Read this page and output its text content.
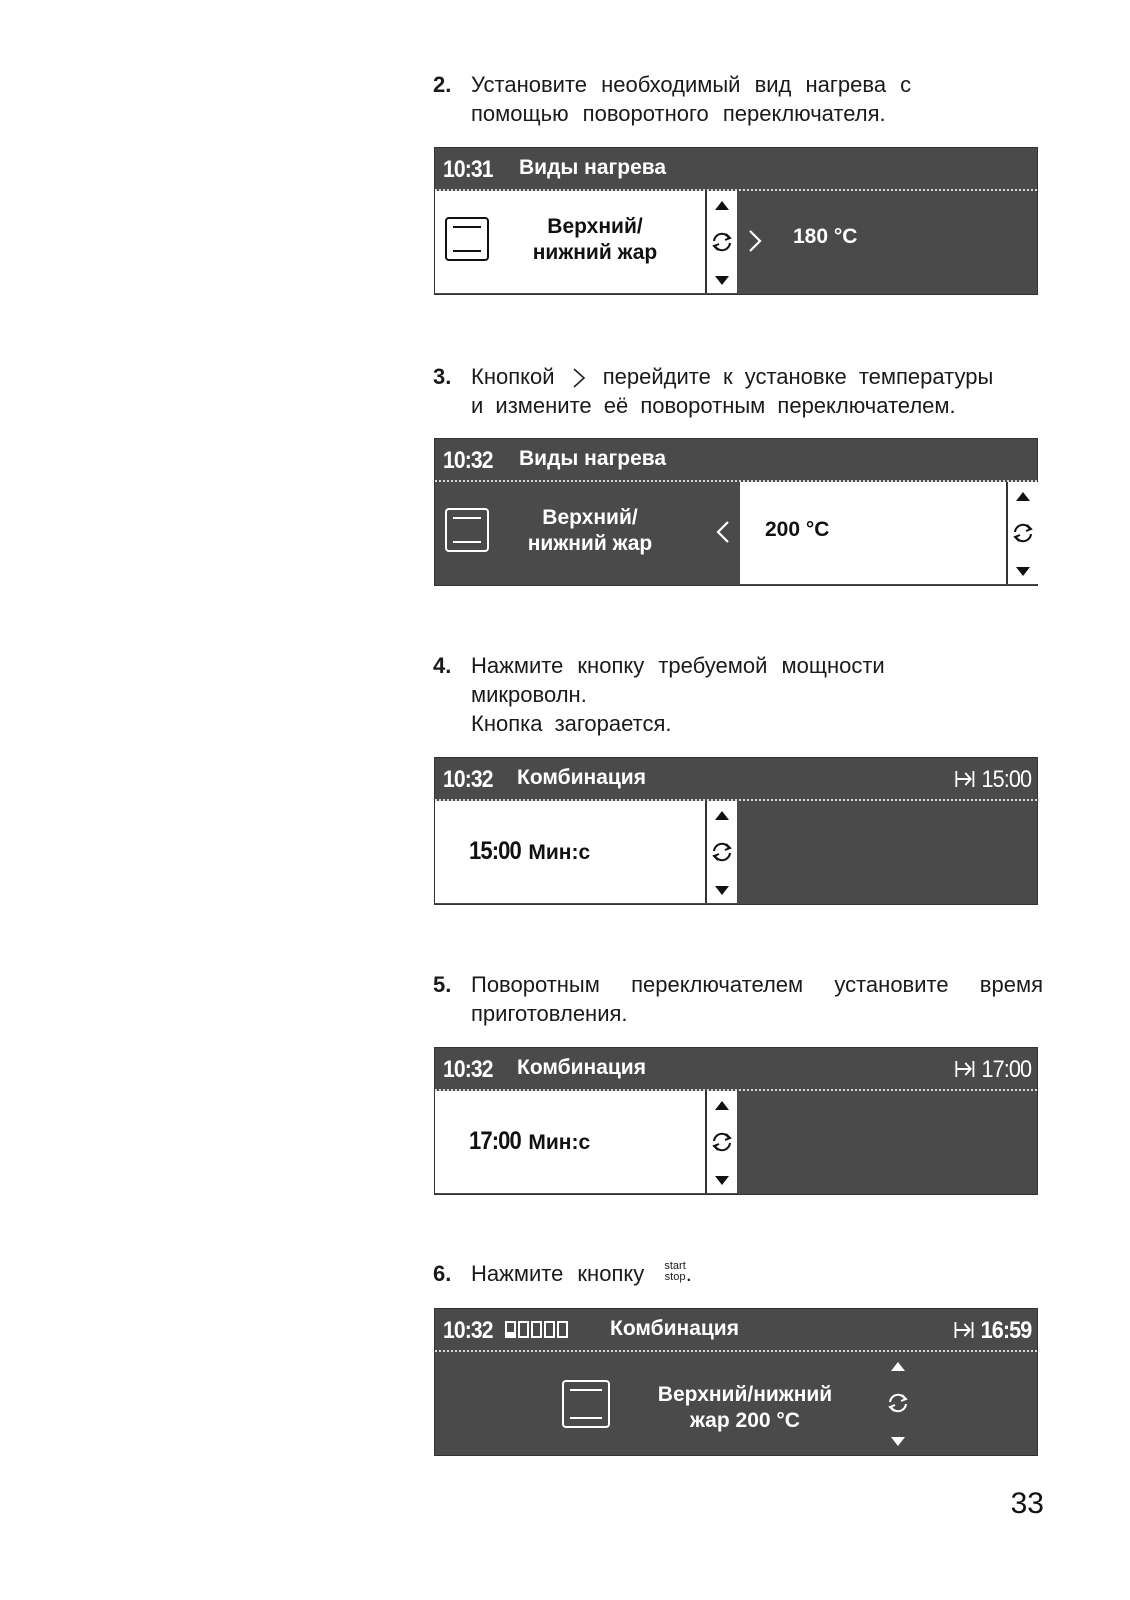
2. Установите необходимый вид нагрева с
помощью поворотного переключателя.
10:31 Виды нагрева
Верхний/
нижний жар
180 °C
3. Кнопкой перейдите к установке температуры
и измените её поворотным переключателем.
10:32 Виды нагрева
Верхний/
нижний жар
200 °C
4. Нажмите кнопку требуемой мощности
микроволн.
Кнопка загорается.
10:32 Комбинация	15:00
15:00 Мин:с
5. Поворотным переключателем установите время
приготовления.
10:32 Комбинация	17:00
17:00 Мин:с
6. Нажмите кнопку start
stop .
10:32	Комбинация	16:59
Верхний/нижний
жар 200 °C
33
